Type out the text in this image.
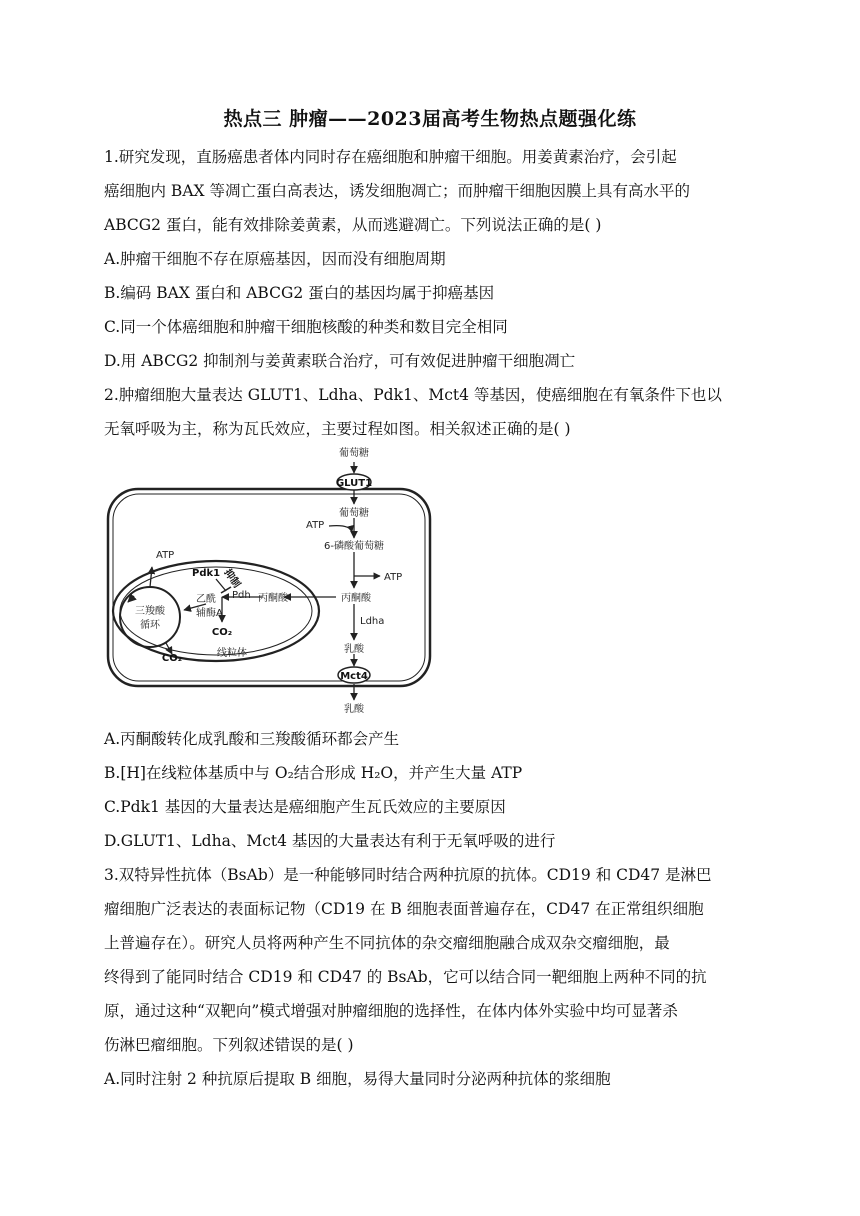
热点三 肿瘤——2023届高考生物热点题强化练
1.研究发现，直肠癌患者体内同时存在癌细胞和肿瘤干细胞。用姜黄素治疗，会引起
癌细胞内 BAX 等凋亡蛋白高表达，诱发细胞凋亡；而肿瘤干细胞因膜上具有高水平的
ABCG2 蛋白，能有效排除姜黄素，从而逃避凋亡。下列说法正确的是( )
A.肿瘤干细胞不存在原癌基因，因而没有细胞周期
B.编码 BAX 蛋白和 ABCG2 蛋白的基因均属于抑癌基因
C.同一个体癌细胞和肿瘤干细胞核酸的种类和数目完全相同
D.用 ABCG2 抑制剂与姜黄素联合治疗，可有效促进肿瘤干细胞凋亡
2.肿瘤细胞大量表达 GLUT1、Ldha、Pdk1、Mct4 等基因，使癌细胞在有氧条件下也以
无氧呼吸为主，称为瓦氏效应，主要过程如图。相关叙述正确的是( )
葡萄糖
GLUT1
葡萄糖
ATP
6-磷酸葡萄糖
ATP
丙酮酸
Ldha
乳酸
Mct4
乳酸
丙酮酸
Pdk1 抑制
Pdh
乙酰
辅酶A
CO₂
三羧酸
循环
CO₂
ATP
线粒体
A.丙酮酸转化成乳酸和三羧酸循环都会产生
B.[H]在线粒体基质中与 O₂结合形成 H₂O，并产生大量 ATP
C.Pdk1 基因的大量表达是癌细胞产生瓦氏效应的主要原因
D.GLUT1、Ldha、Mct4 基因的大量表达有利于无氧呼吸的进行
3.双特异性抗体（BsAb）是一种能够同时结合两种抗原的抗体。CD19 和 CD47 是淋巴
瘤细胞广泛表达的表面标记物（CD19 在 B 细胞表面普遍存在，CD47 在正常组织细胞
上普遍存在）。研究人员将两种产生不同抗体的杂交瘤细胞融合成双杂交瘤细胞，最
终得到了能同时结合 CD19 和 CD47 的 BsAb，它可以结合同一靶细胞上两种不同的抗
原，通过这种“双靶向”模式增强对肿瘤细胞的选择性，在体内体外实验中均可显著杀
伤淋巴瘤细胞。下列叙述错误的是( )
A.同时注射 2 种抗原后提取 B 细胞，易得大量同时分泌两种抗体的浆细胞
